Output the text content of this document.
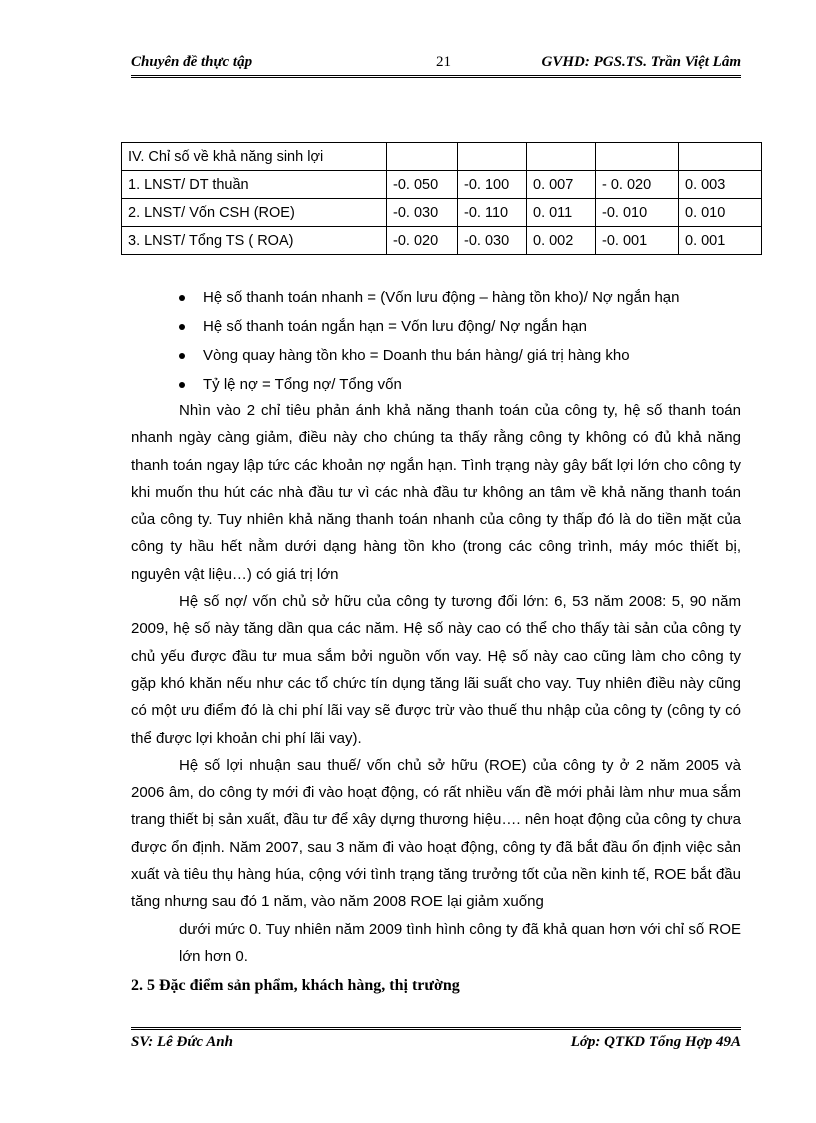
Chuyên đề thực tập	21	GVHD: PGS.TS. Trần Việt Lâm
IV. Chỉ số về khả năng sinh lợi					
1. LNST/ DT thuần	-0. 050	-0. 100	0. 007	- 0. 020	0. 003
2. LNST/ Vốn CSH (ROE)	-0. 030	-0. 110	0. 011	-0. 010	0. 010
3. LNST/ Tổng TS ( ROA)	-0. 020	-0. 030	0. 002	-0. 001	0. 001
Hệ số thanh toán nhanh = (Vốn lưu động – hàng tồn kho)/ Nợ ngắn hạn
Hệ số thanh toán ngắn hạn = Vốn lưu động/ Nợ ngắn hạn
Vòng quay hàng tồn kho = Doanh thu bán hàng/ giá trị hàng kho
Tỷ lệ nợ = Tổng nợ/ Tổng vốn

Nhìn vào 2 chỉ tiêu phản ánh khả năng thanh toán của công ty, hệ số thanh toán nhanh ngày càng giảm, điều này cho chúng ta thấy rằng công ty không có đủ khả năng thanh toán ngay lập tức các khoản nợ ngắn hạn. Tình trạng này gây bất lợi lớn cho công ty khi muốn thu hút các nhà đầu tư vì các nhà đầu tư không an tâm về khả năng thanh toán của công ty. Tuy nhiên khả năng thanh toán nhanh của công ty thấp đó là do tiền mặt của công ty hầu hết nằm dưới dạng hàng tồn kho (trong các công trình, máy móc thiết bị, nguyên vật liệu…) có giá trị lớn

Hệ số nợ/ vốn chủ sở hữu của công ty tương đối lớn: 6, 53 năm 2008: 5, 90 năm 2009, hệ số này tăng dần qua các năm. Hệ số này cao có thể cho thấy tài sản của công ty chủ yếu được đầu tư mua sắm bởi nguồn vốn vay. Hệ số này cao cũng làm cho công ty gặp khó khăn nếu như các tổ chức tín dụng tăng lãi suất cho vay. Tuy nhiên điều này cũng có một ưu điểm đó là chi phí lãi vay sẽ được trừ vào thuế thu nhập của công ty (công ty có thể được lợi khoản chi phí lãi vay).

Hệ số lợi nhuận sau thuế/ vốn chủ sở hữu (ROE) của công ty ở 2 năm 2005 và 2006 âm, do công ty mới đi vào hoạt động, có rất nhiều vấn đề mới phải làm như mua sắm trang thiết bị sản xuất, đầu tư để xây dựng thương hiệu…. nên hoạt động của công ty chưa được ổn định. Năm 2007, sau 3 năm đi vào hoạt động, công ty đã bắt đầu ổn định việc sản xuất và tiêu thụ hàng húa, cộng với tình trạng tăng trưởng tốt của nền kinh tế, ROE bắt đầu tăng nhưng sau đó 1 năm, vào năm 2008 ROE lại giảm xuống

dưới mức 0. Tuy nhiên năm 2009 tình hình công ty đã khả quan hơn với chỉ số ROE lớn hơn 0.

2. 5 Đặc điểm sản phẩm, khách hàng, thị trường
SV: Lê Đức Anh	Lớp: QTKD Tổng Hợp 49A
